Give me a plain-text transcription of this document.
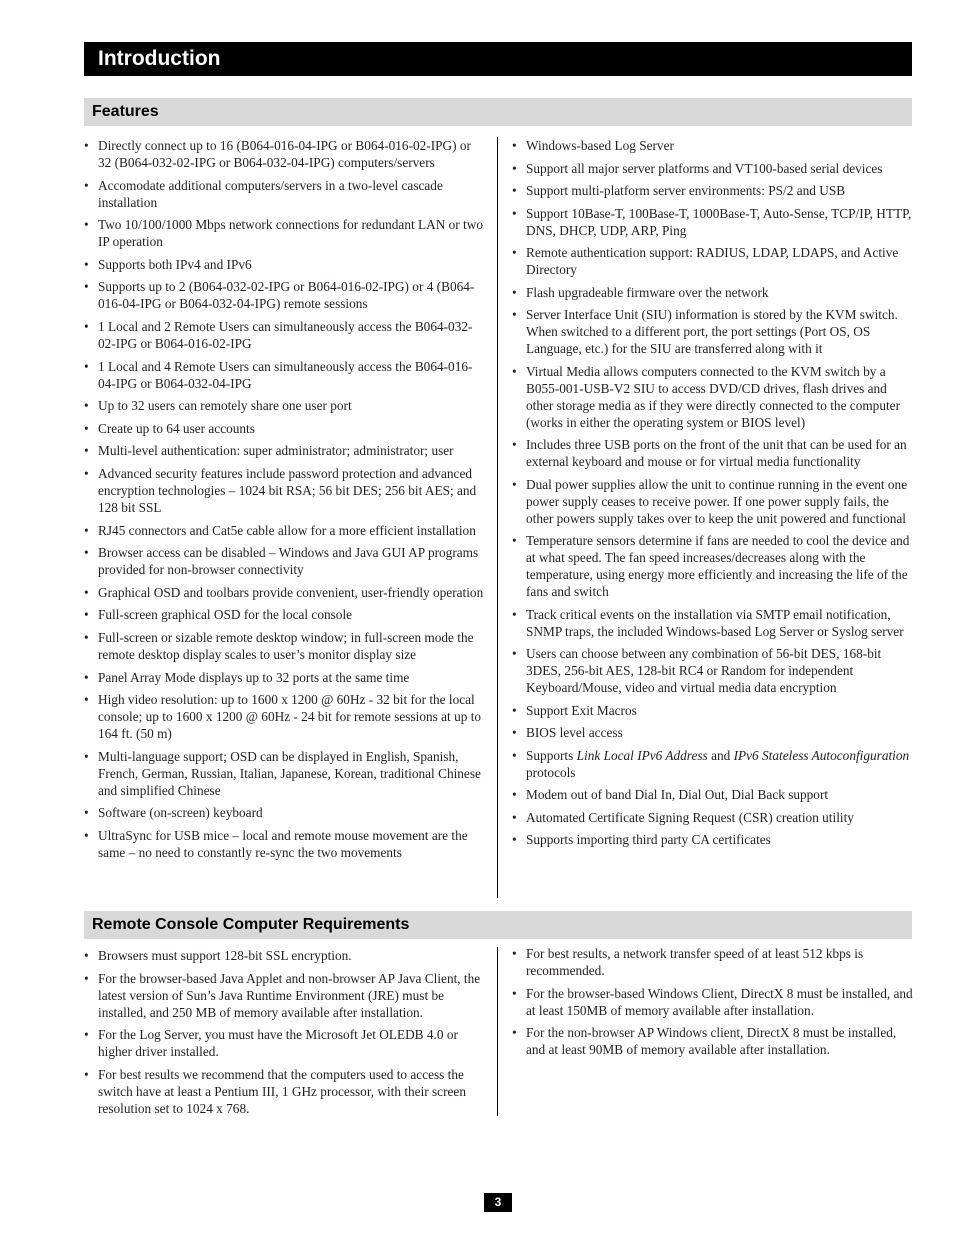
Introduction
Features
• Directly connect up to 16 (B064-016-04-IPG or B064-016-02-IPG) or 32 (B064-032-02-IPG or B064-032-04-IPG) computers/servers
• Accomodate additional computers/servers in a two-level cascade installation
• Two 10/100/1000 Mbps network connections for redundant LAN or two IP operation
• Supports both IPv4 and IPv6
• Supports up to 2 (B064-032-02-IPG or B064-016-02-IPG) or 4 (B064-016-04-IPG or B064-032-04-IPG) remote sessions
• 1 Local and 2 Remote Users can simultaneously access the B064-032-02-IPG or B064-016-02-IPG
• 1 Local and 4 Remote Users can simultaneously access the B064-016-04-IPG or B064-032-04-IPG
• Up to 32 users can remotely share one user port
• Create up to 64 user accounts
• Multi-level authentication: super administrator; administrator; user
• Advanced security features include password protection and advanced encryption technologies – 1024 bit RSA; 56 bit DES; 256 bit AES; and 128 bit SSL
• RJ45 connectors and Cat5e cable allow for a more efficient installation
• Browser access can be disabled – Windows and Java GUI AP programs provided for non-browser connectivity
• Graphical OSD and toolbars provide convenient, user-friendly operation
• Full-screen graphical OSD for the local console
• Full-screen or sizable remote desktop window; in full-screen mode the remote desktop display scales to user’s monitor display size
• Panel Array Mode displays up to 32 ports at the same time
• High video resolution: up to 1600 x 1200 @ 60Hz - 32 bit for the local console; up to 1600 x 1200 @ 60Hz - 24 bit for remote sessions at up to 164 ft. (50 m)
• Multi-language support; OSD can be displayed in English, Spanish, French, German, Russian, Italian, Japanese, Korean, traditional Chinese and simplified Chinese
• Software (on-screen) keyboard
• UltraSync for USB mice – local and remote mouse movement are the same – no need to constantly re-sync the two movements
• Windows-based Log Server
• Support all major server platforms and VT100-based serial devices
• Support multi-platform server environments: PS/2 and USB
• Support 10Base-T, 100Base-T, 1000Base-T, Auto-Sense, TCP/IP, HTTP, DNS, DHCP, UDP, ARP, Ping
• Remote authentication support: RADIUS, LDAP, LDAPS, and Active Directory
• Flash upgradeable firmware over the network
• Server Interface Unit (SIU) information is stored by the KVM switch. When switched to a different port, the port settings (Port OS, OS Language, etc.) for the SIU are transferred along with it
• Virtual Media allows computers connected to the KVM switch by a B055-001-USB-V2 SIU to access DVD/CD drives, flash drives and other storage media as if they were directly connected to the computer (works in either the operating system or BIOS level)
• Includes three USB ports on the front of the unit that can be used for an external keyboard and mouse or for virtual media functionality
• Dual power supplies allow the unit to continue running in the event one power supply ceases to receive power. If one power supply fails, the other powers supply takes over to keep the unit powered and functional
• Temperature sensors determine if fans are needed to cool the device and at what speed. The fan speed increases/decreases along with the temperature, using energy more efficiently and increasing the life of the fans and switch
• Track critical events on the installation via SMTP email notification, SNMP traps, the included Windows-based Log Server or Syslog server
• Users can choose between any combination of 56-bit DES, 168-bit 3DES, 256-bit AES, 128-bit RC4 or Random for independent Keyboard/Mouse, video and virtual media data encryption
• Support Exit Macros
• BIOS level access
• Supports Link Local IPv6 Address and IPv6 Stateless Autoconfiguration protocols
• Modem out of band Dial In, Dial Out, Dial Back support
• Automated Certificate Signing Request (CSR) creation utility
• Supports importing third party CA certificates
Remote Console Computer Requirements
• Browsers must support 128-bit SSL encryption.
• For the browser-based Java Applet and non-browser AP Java Client, the latest version of Sun’s Java Runtime Environment (JRE) must be installed, and 250 MB of memory available after installation.
• For the Log Server, you must have the Microsoft Jet OLEDB 4.0 or higher driver installed.
• For best results we recommend that the computers used to access the switch have at least a Pentium III, 1 GHz processor, with their screen resolution set to 1024 x 768.
• For best results, a network transfer speed of at least 512 kbps is recommended.
• For the browser-based Windows Client, DirectX 8 must be installed, and at least 150MB of memory available after installation.
• For the non-browser AP Windows client, DirectX 8 must be installed, and at least 90MB of memory available after installation.
3
